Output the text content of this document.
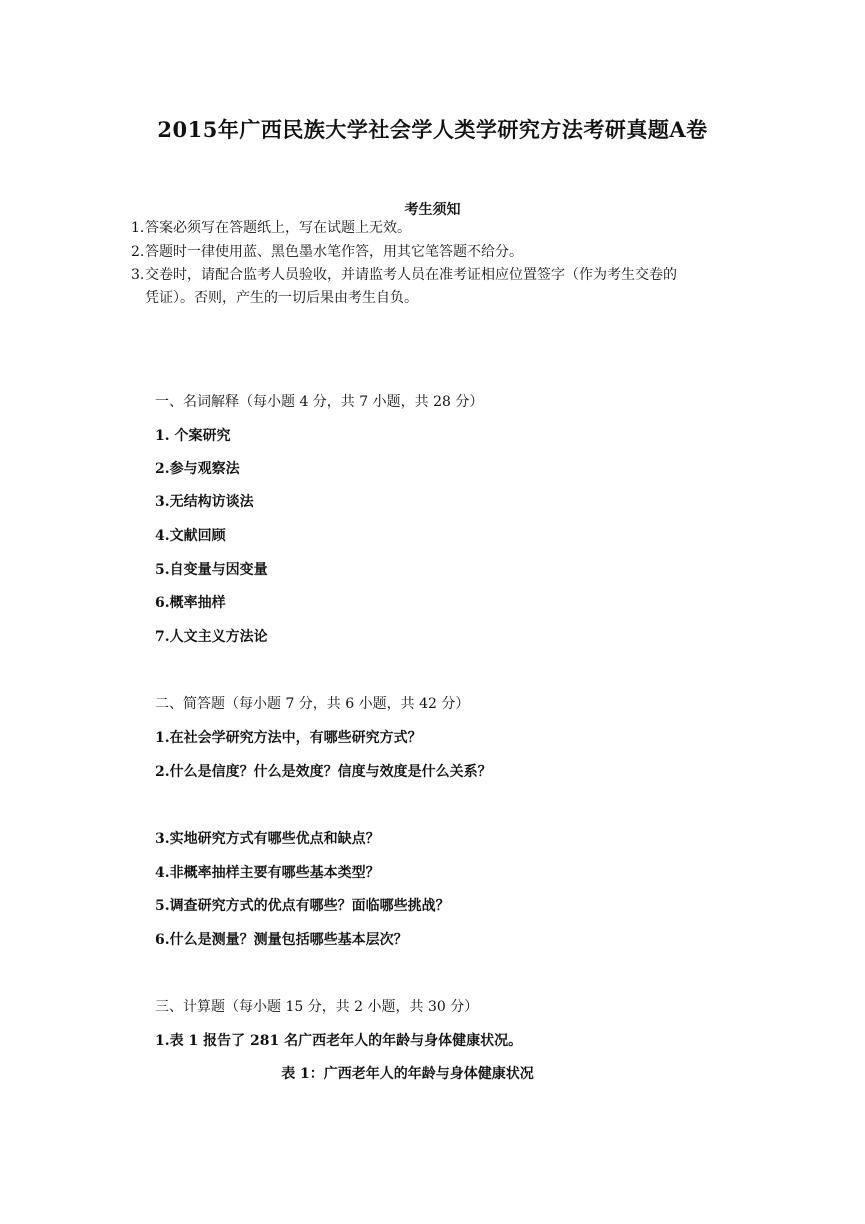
2015年广西民族大学社会学人类学研究方法考研真题A卷
考生须知
1. 答案必须写在答题纸上，写在试题上无效。
2. 答题时一律使用蓝、黑色墨水笔作答，用其它笔答题不给分。
3. 交卷时，请配合监考人员验收，并请监考人员在准考证相应位置签字（作为考生交卷的
凭证）。否则，产生的一切后果由考生自负。
一、名词解释（每小题 4 分，共 7 小题，共 28 分）
1. 个案研究
2.参与观察法
3.无结构访谈法
4.文献回顾
5.自变量与因变量
6.概率抽样
7.人文主义方法论
二、简答题（每小题 7 分，共 6 小题，共 42 分）
1.在社会学研究方法中，有哪些研究方式？
2.什么是信度？什么是效度？信度与效度是什么关系？
3.实地研究方式有哪些优点和缺点？
4.非概率抽样主要有哪些基本类型？
5.调查研究方式的优点有哪些？面临哪些挑战？
6.什么是测量？测量包括哪些基本层次？
三、计算题（每小题 15 分，共 2 小题，共 30 分）
1.表 1 报告了 281 名广西老年人的年龄与身体健康状况。
表 1：广西老年人的年龄与身体健康状况
